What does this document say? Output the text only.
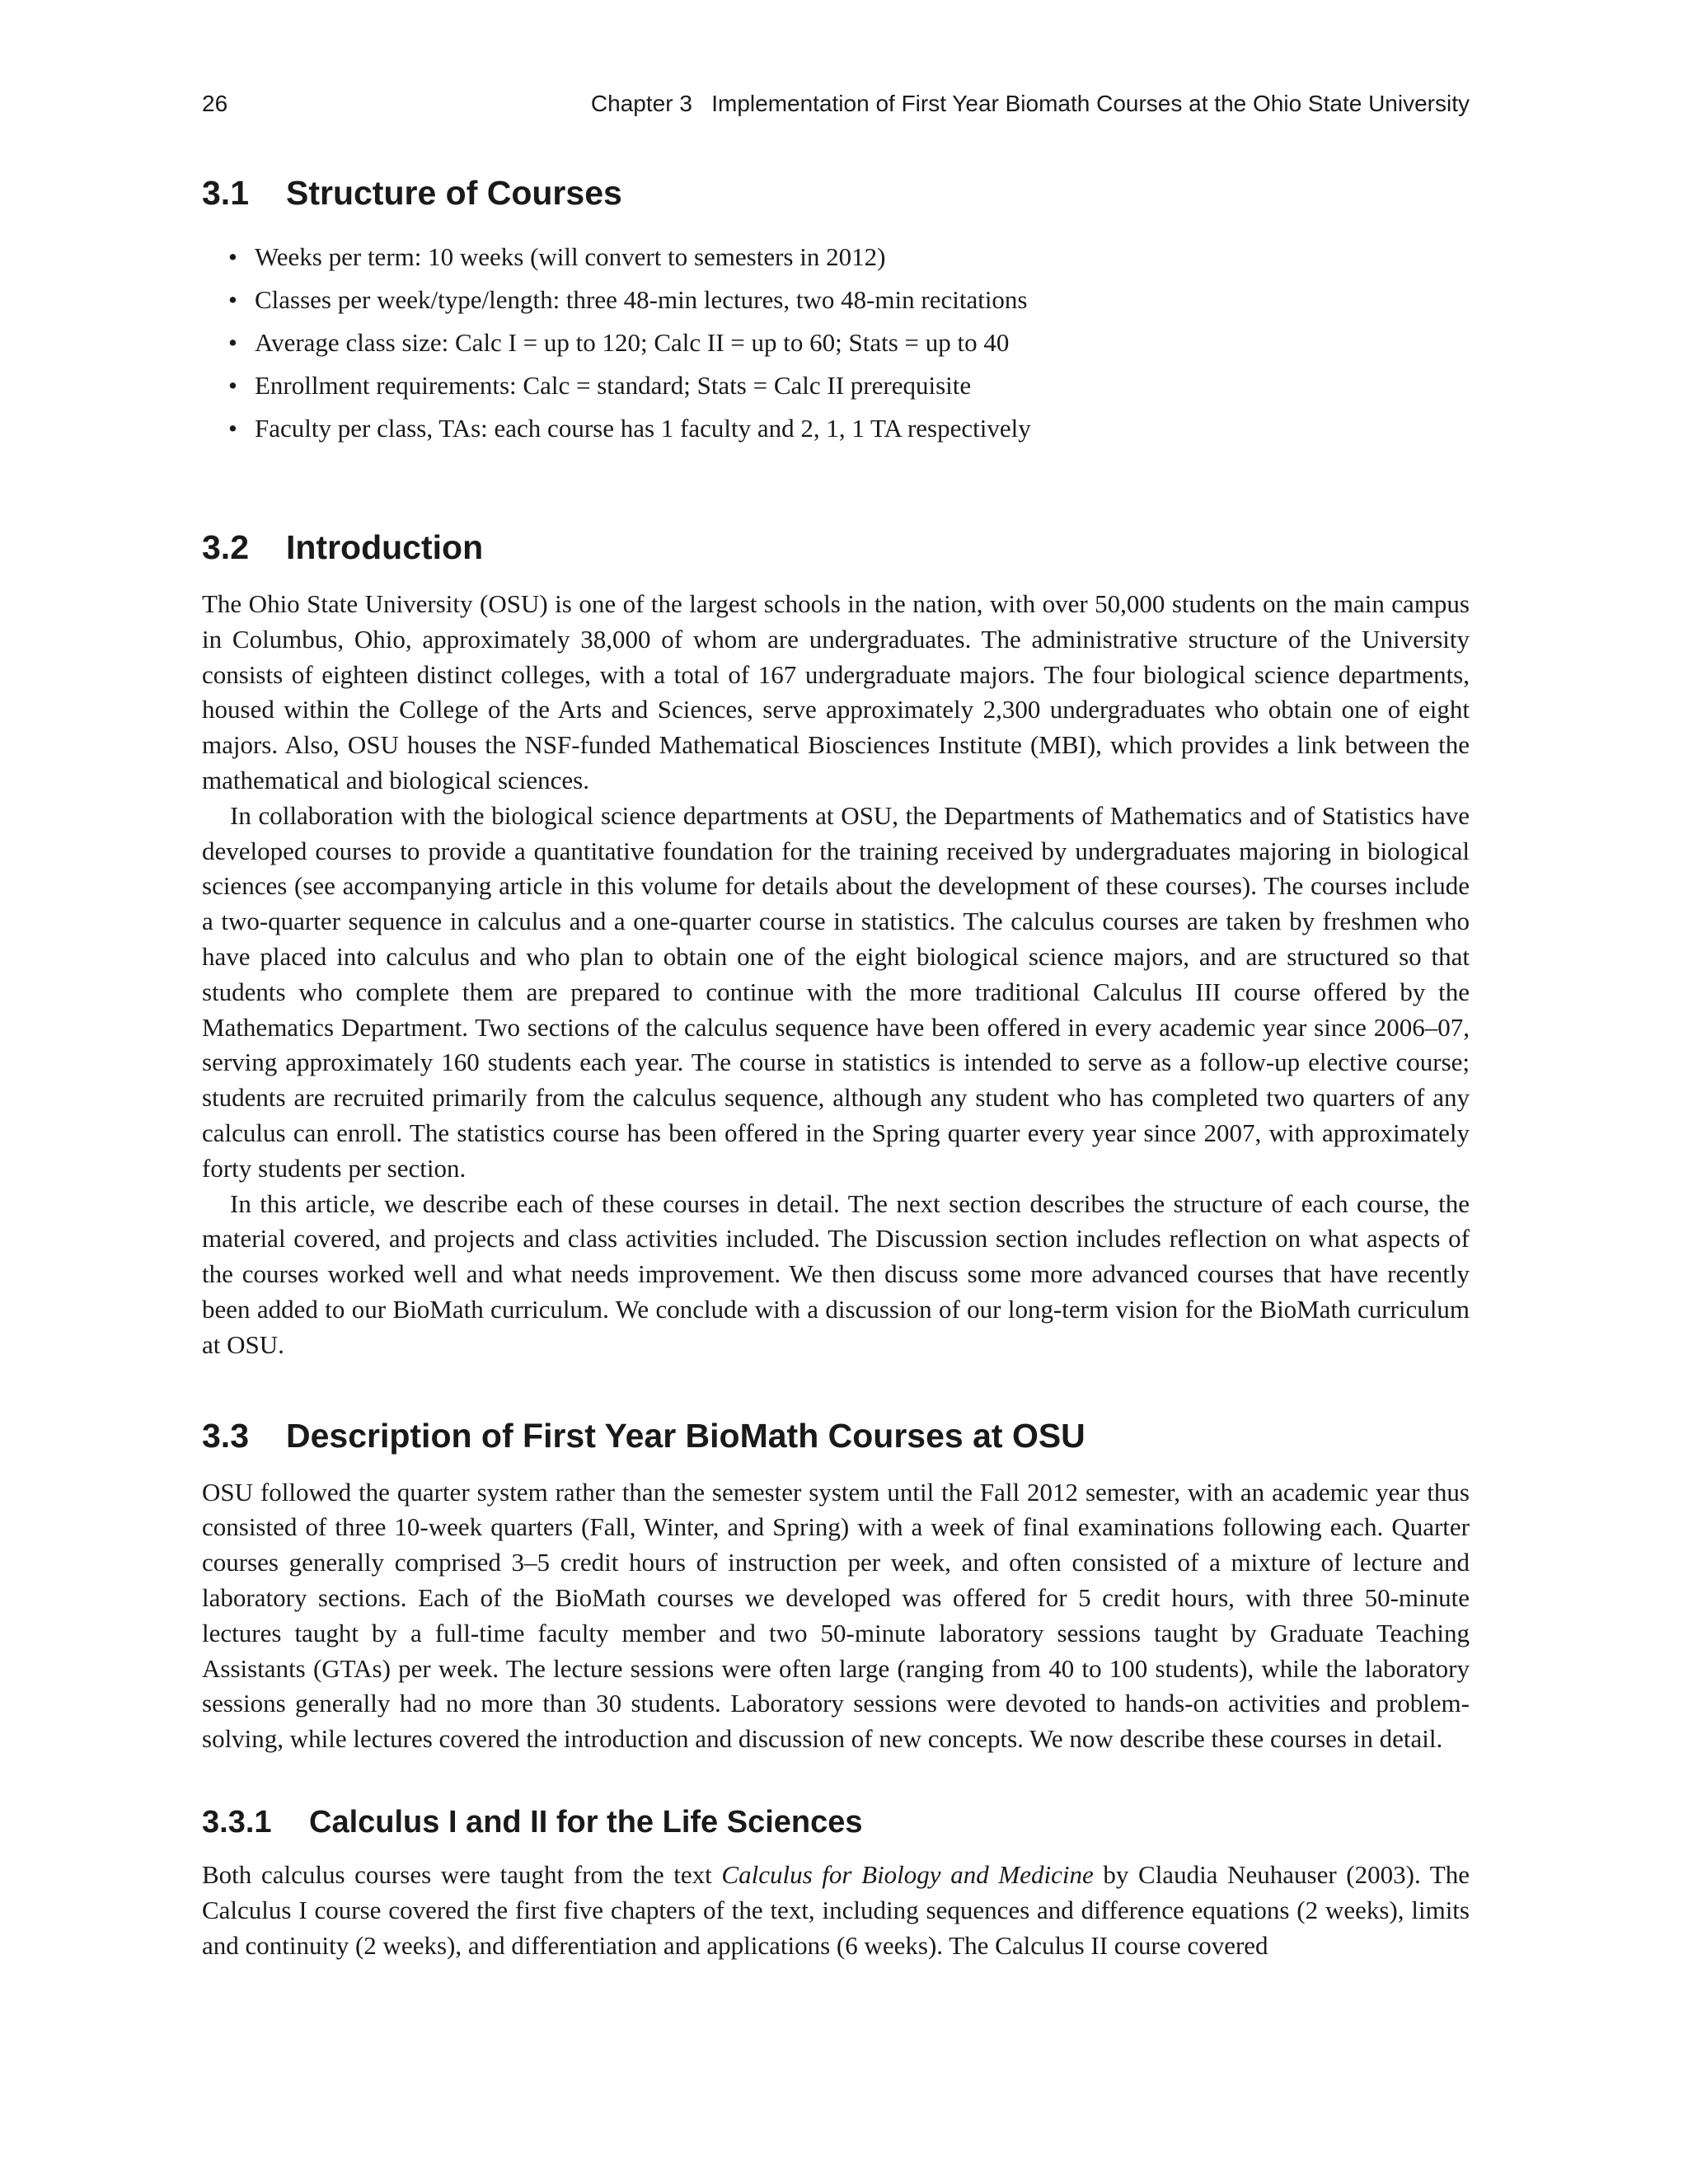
26	Chapter 3   Implementation of First Year Biomath Courses at the Ohio State University
3.1	Structure of Courses
• Weeks per term: 10 weeks (will convert to semesters in 2012)
• Classes per week/type/length: three 48-min lectures, two 48-min recitations
• Average class size: Calc I = up to 120; Calc II = up to 60; Stats = up to 40
• Enrollment requirements: Calc = standard; Stats = Calc II prerequisite
• Faculty per class, TAs: each course has 1 faculty and 2, 1, 1 TA respectively
3.2	Introduction

The Ohio State University (OSU) is one of the largest schools in the nation, with over 50,000 students on the main campus in Columbus, Ohio, approximately 38,000 of whom are undergraduates. The administrative structure of the University consists of eighteen distinct colleges, with a total of 167 undergraduate majors. The four biological science departments, housed within the College of the Arts and Sciences, serve approximately 2,300 undergraduates who obtain one of eight majors. Also, OSU houses the NSF-funded Mathematical Biosciences Institute (MBI), which provides a link between the mathematical and biological sciences.

In collaboration with the biological science departments at OSU, the Departments of Mathematics and of Statistics have developed courses to provide a quantitative foundation for the training received by undergraduates majoring in biological sciences (see accompanying article in this volume for details about the development of these courses). The courses include a two-quarter sequence in calculus and a one-quarter course in statistics. The calculus courses are taken by freshmen who have placed into calculus and who plan to obtain one of the eight biological science majors, and are structured so that students who complete them are prepared to continue with the more traditional Calculus III course offered by the Mathematics Department. Two sections of the calculus sequence have been offered in every academic year since 2006–07, serving approximately 160 students each year. The course in statistics is intended to serve as a follow-up elective course; students are recruited primarily from the calculus sequence, although any student who has completed two quarters of any calculus can enroll. The statistics course has been offered in the Spring quarter every year since 2007, with approximately forty students per section.

In this article, we describe each of these courses in detail. The next section describes the structure of each course, the material covered, and projects and class activities included. The Discussion section includes reflection on what aspects of the courses worked well and what needs improvement. We then discuss some more advanced courses that have recently been added to our BioMath curriculum. We conclude with a discussion of our long-term vision for the BioMath curriculum at OSU.

3.3	Description of First Year BioMath Courses at OSU

OSU followed the quarter system rather than the semester system until the Fall 2012 semester, with an academic year thus consisted of three 10-week quarters (Fall, Winter, and Spring) with a week of final examinations following each. Quarter courses generally comprised 3–5 credit hours of instruction per week, and often consisted of a mixture of lecture and laboratory sections. Each of the BioMath courses we developed was offered for 5 credit hours, with three 50-minute lectures taught by a full-time faculty member and two 50-minute laboratory sessions taught by Graduate Teaching Assistants (GTAs) per week. The lecture sessions were often large (ranging from 40 to 100 students), while the laboratory sessions generally had no more than 30 students. Laboratory sessions were devoted to hands-on activities and problem-solving, while lectures covered the introduction and discussion of new concepts. We now describe these courses in detail.

3.3.1	Calculus I and II for the Life Sciences

Both calculus courses were taught from the text Calculus for Biology and Medicine by Claudia Neuhauser (2003). The Calculus I course covered the first five chapters of the text, including sequences and difference equations (2 weeks), limits and continuity (2 weeks), and differentiation and applications (6 weeks). The Calculus II course covered
